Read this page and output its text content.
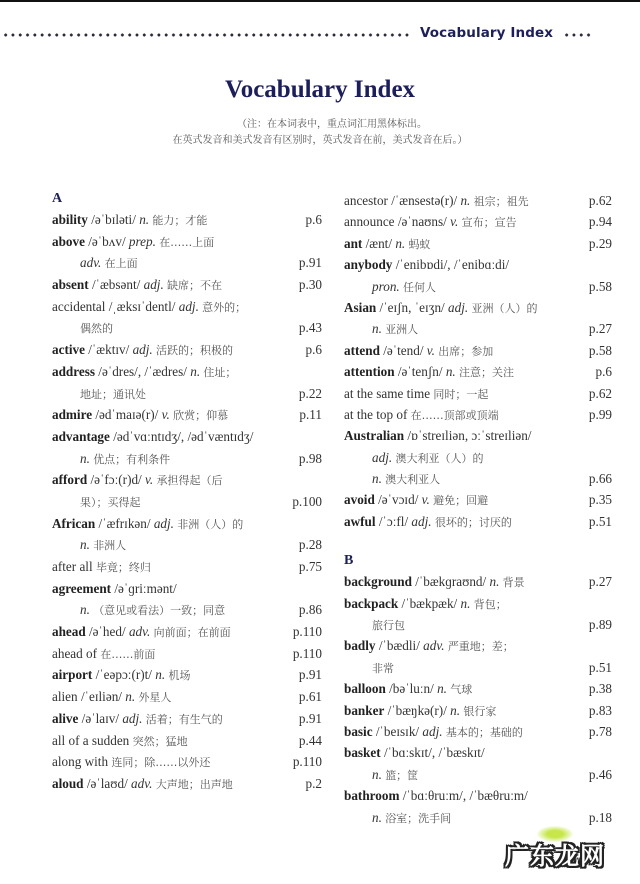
Vocabulary Index
Vocabulary Index
（注：在本词表中，重点词汇用黑体标出。
在英式发音和美式发音有区别时，英式发音在前，美式发音在后。）
A
ability /əˈbɪləti/ n. 能力；才能	p.6
above /əˈbʌv/ prep. 在……上面
adv. 在上面	p.91
absent /ˈæbsənt/ adj. 缺席；不在	p.30
accidental /ˌæksɪˈdentl/ adj. 意外的；
偶然的	p.43
active /ˈæktɪv/ adj. 活跃的；积极的	p.6
address /əˈdres/, /ˈædres/ n. 住址；
地址；通讯处	p.22
admire /ədˈmaɪə(r)/ v. 欣赏；仰慕	p.11
advantage /ədˈvɑːntɪdʒ/, /ədˈvæntɪdʒ/
n. 优点；有利条件	p.98
afford /əˈfɔː(r)d/ v. 承担得起（后
果）；买得起	p.100
African /ˈæfrɪkən/ adj. 非洲（人）的
n. 非洲人	p.28
after all 毕竟；终归	p.75
agreement /əˈɡriːmənt/
n. （意见或看法）一致；同意	p.86
ahead /əˈhed/ adv. 向前面；在前面	p.110
ahead of 在……前面	p.110
airport /ˈeəpɔː(r)t/ n. 机场	p.91
alien /ˈeɪliən/ n. 外星人	p.61
alive /əˈlaɪv/ adj. 活着；有生气的	p.91
all of a sudden 突然；猛地	p.44
along with 连同；除……以外还	p.110
aloud /əˈlaʊd/ adv. 大声地；出声地	p.2
ancestor /ˈænsestə(r)/ n. 祖宗；祖先	p.62
announce /əˈnaʊns/ v. 宣布；宣告	p.94
ant /ænt/ n. 蚂蚁	p.29
anybody /ˈenibɒdi/, /ˈenibɑːdi/
pron. 任何人	p.58
Asian /ˈeɪʃn, ˈeɪʒn/ adj. 亚洲（人）的
n. 亚洲人	p.27
attend /əˈtend/ v. 出席；参加	p.58
attention /əˈtenʃn/ n. 注意；关注	p.6
at the same time 同时；一起	p.62
at the top of 在……顶部或顶端	p.99
Australian /ɒˈstreɪliən, ɔːˈstreɪliən/
adj. 澳大利亚（人）的
n. 澳大利亚人	p.66
avoid /əˈvɔɪd/ v. 避免；回避	p.35
awful /ˈɔːfl/ adj. 很坏的；讨厌的	p.51
B
background /ˈbækɡraʊnd/ n. 背景	p.27
backpack /ˈbækpæk/ n. 背包；
旅行包	p.89
badly /ˈbædli/ adv. 严重地；差；
非常	p.51
balloon /bəˈluːn/ n. 气球	p.38
banker /ˈbæŋkə(r)/ n. 银行家	p.83
basic /ˈbeɪsɪk/ adj. 基本的；基础的	p.78
basket /ˈbɑːskɪt/, /ˈbæskɪt/
n. 篮；筐	p.46
bathroom /ˈbɑːθruːm/, /ˈbæθruːm/
n. 浴室；洗手间	p.18
广东龙网
